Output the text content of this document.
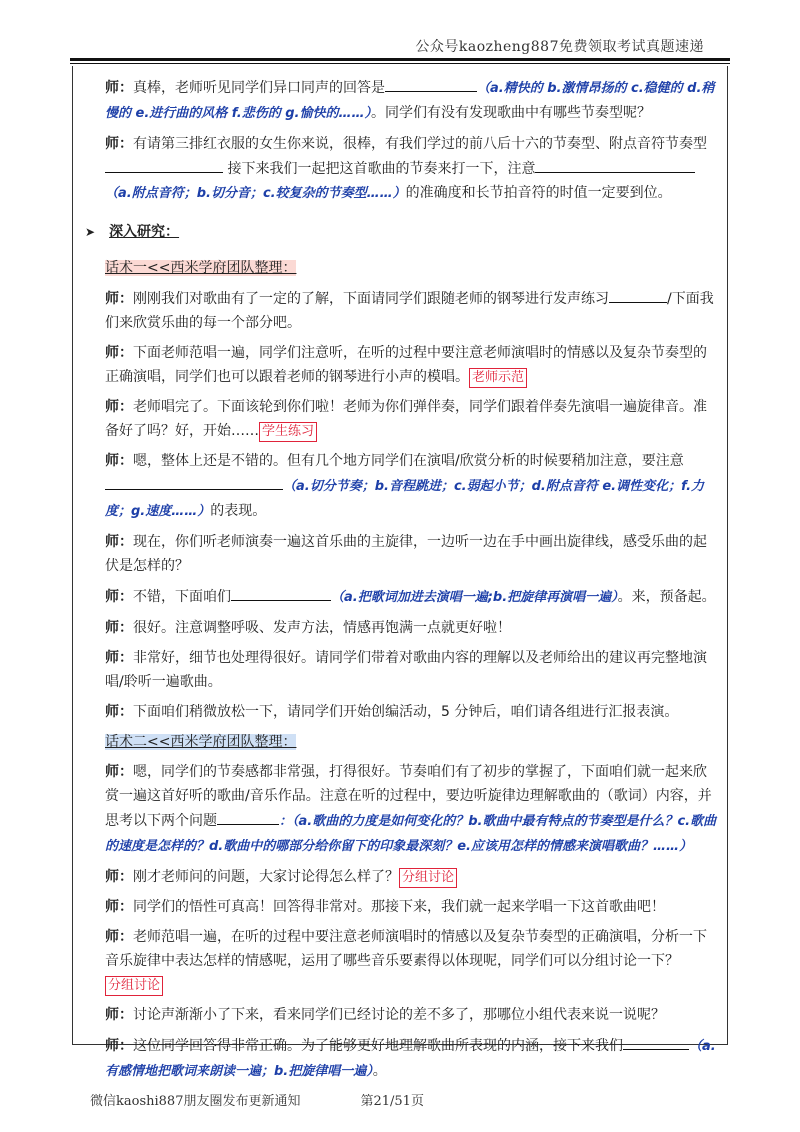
公众号kaozheng887免费领取考试真题速递

师：真棒，老师听见同学们异口同声的回答是	（a.精快的 b.激情昂扬的 c.稳健的 d.稍慢的 e.进行曲的风格 f.悲伤的 g.愉快的……）。同学们有没有发现歌曲中有哪些节奏型呢？

师：有请第三排红衣服的女生你来说，很棒，有我们学过的前八后十六的节奏型、附点音符节奏型
接下来我们一起把这首歌曲的节奏来打一下，注意
（a.附点音符；b.切分音；c.较复杂的节奏型……）的准确度和长节拍音符的时值一定要到位。

➤ 深入研究：

话术一<<西米学府团队整理：

师：刚刚我们对歌曲有了一定的了解，下面请同学们跟随老师的钢琴进行发声练习	/下面我们来欣赏乐曲的每一个部分吧。

师：下面老师范唱一遍，同学们注意听，在听的过程中要注意老师演唱时的情感以及复杂节奏型的正确演唱，同学们也可以跟着老师的钢琴进行小声的模唱。 老师示范

师：老师唱完了。下面该轮到你们啦！老师为你们弹伴奏，同学们跟着伴奏先演唱一遍旋律音。准备好了吗？好，开始…… 学生练习

师：嗯，整体上还是不错的。但有几个地方同学们在演唱/欣赏分析的时候要稍加注意，要注意
（a.切分节奏；b.音程跳进；c.弱起小节；d.附点音符 e.调性变化；f.力度；g.速度……）的表现。

师：现在，你们听老师演奏一遍这首乐曲的主旋律，一边听一边在手中画出旋律线，感受乐曲的起伏是怎样的？

师：不错，下面咱们	（a.把歌词加进去演唱一遍;b.把旋律再演唱一遍）。来，预备起。

师：很好。注意调整呼吸、发声方法，情感再饱满一点就更好啦！

师：非常好，细节也处理得很好。请同学们带着对歌曲内容的理解以及老师给出的建议再完整地演唱/聆听一遍歌曲。

师：下面咱们稍微放松一下，请同学们开始创编活动，5 分钟后，咱们请各组进行汇报表演。

话术二<<西米学府团队整理：

师：嗯，同学们的节奏感都非常强，打得很好。节奏咱们有了初步的掌握了，下面咱们就一起来欣赏一遍这首好听的歌曲/音乐作品。注意在听的过程中，要边听旋律边理解歌曲的（歌词）内容，并思考以下两个问题	：（a.歌曲的力度是如何变化的？b.歌曲中最有特点的节奏型是什么？c.歌曲的速度是怎样的？d.歌曲中的哪部分给你留下的印象最深刻？e.应该用怎样的情感来演唱歌曲？……）

师：刚才老师问的问题，大家讨论得怎么样了？ 分组讨论

师：同学们的悟性可真高！回答得非常对。那接下来，我们就一起来学唱一下这首歌曲吧！

师：老师范唱一遍，在听的过程中要注意老师演唱时的情感以及复杂节奏型的正确演唱，分析一下音乐旋律中表达怎样的情感呢，运用了哪些音乐要素得以体现呢，同学们可以分组讨论一下？分组讨论

师：讨论声渐渐小了下来，看来同学们已经讨论的差不多了，那哪位小组代表来说一说呢？

师：这位同学回答得非常正确。为了能够更好地理解歌曲所表现的内涵，接下来我们	（a.有感情地把歌词来朗读一遍；b.把旋律唱一遍）。

微信kaoshi887朋友圈发布更新通知	第21/51页
